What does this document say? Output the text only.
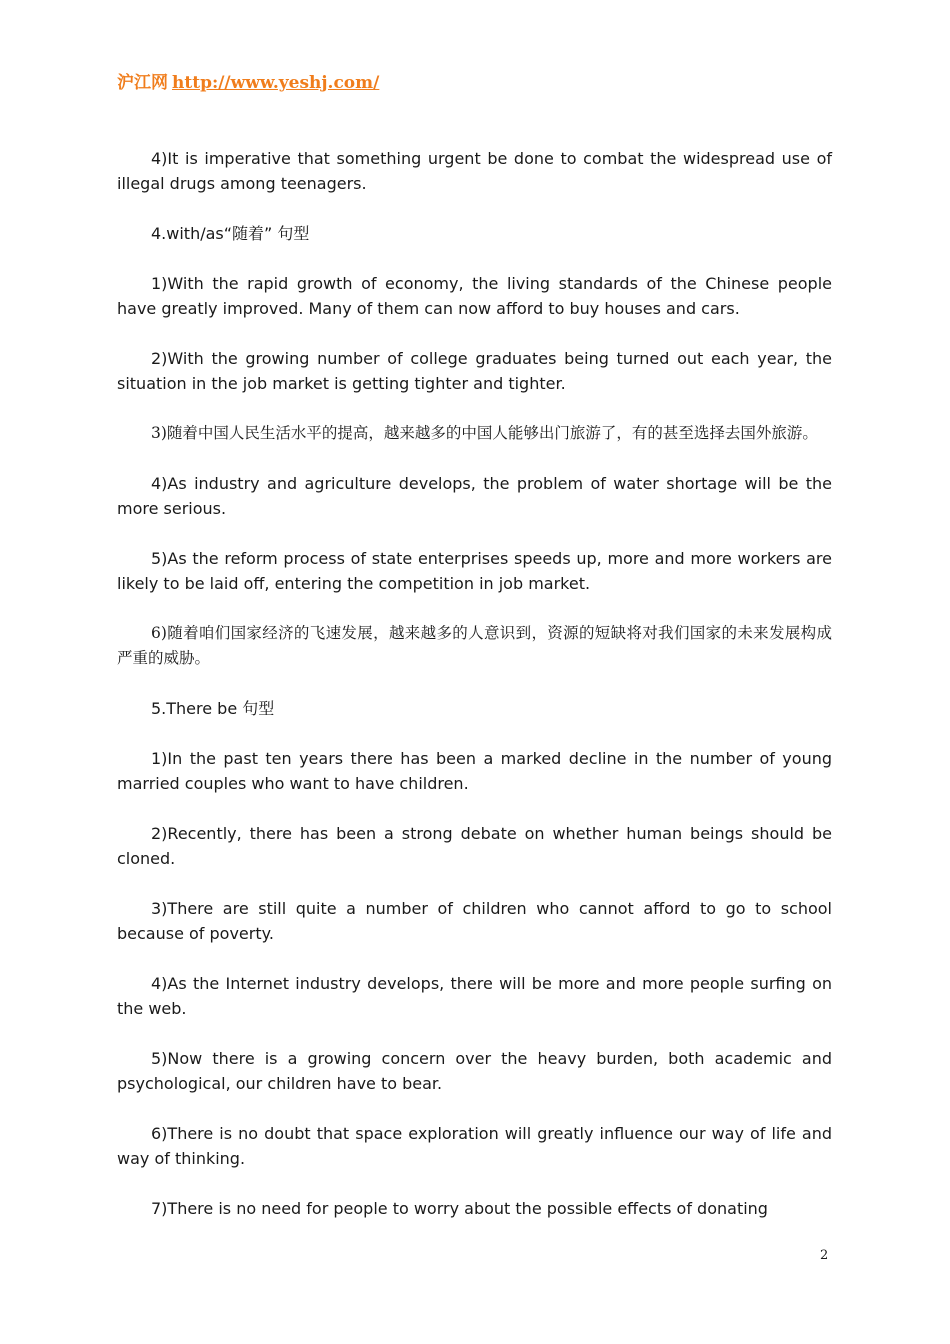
沪江网 http://www.yeshj.com/

4)It is imperative that something urgent be done to combat the widespread use of illegal drugs among teenagers.

4.with/as“随着” 句型

1)With the rapid growth of economy, the living standards of the Chinese people have greatly improved. Many of them can now afford to buy houses and cars.

2)With the growing number of college graduates being turned out each year, the situation in the job market is getting tighter and tighter.

3)随着中国人民生活水平的提高，越来越多的中国人能够出门旅游了，有的甚至选择去国外旅游。

4)As industry and agriculture develops, the problem of water shortage will be the more serious.

5)As the reform process of state enterprises speeds up, more and more workers are likely to be laid off, entering the competition in job market.

6)随着咱们国家经济的飞速发展，越来越多的人意识到，资源的短缺将对我们国家的未来发展构成严重的威胁。

5.There be 句型

1)In the past ten years there has been a marked decline in the number of young married couples who want to have children.

2)Recently, there has been a strong debate on whether human beings should be cloned.

3)There are still quite a number of children who cannot afford to go to school because of poverty.

4)As the Internet industry develops, there will be more and more people surfing on the web.

5)Now there is a growing concern over the heavy burden, both academic and psychological, our children have to bear.

6)There is no doubt that space exploration will greatly influence our way of life and way of thinking.

7)There is no need for people to worry about the possible effects of donating

2
